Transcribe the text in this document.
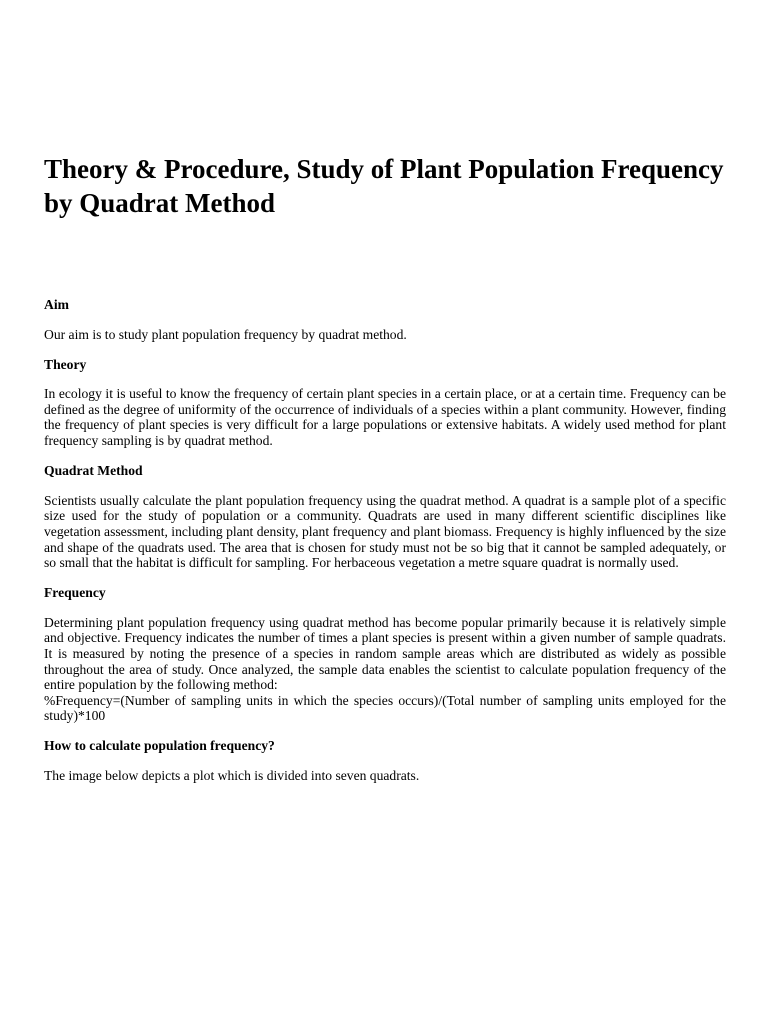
Theory & Procedure, Study of Plant Population Frequency by Quadrat Method

Aim

Our aim is to study plant population frequency by quadrat method.

Theory

In ecology it is useful to know the frequency of certain plant species in a certain place, or at a certain time. Frequency can be defined as the degree of uniformity of the occurrence of individuals of a species within a plant community. However, finding the frequency of plant species is very difficult for a large populations or extensive habitats. A widely used method for plant frequency sampling is by quadrat method.

Quadrat Method

Scientists usually calculate the plant population frequency using the quadrat method. A quadrat is a sample plot of a specific size used for the study of population or a community. Quadrats are used in many different scientific disciplines like vegetation assessment, including plant density, plant frequency and plant biomass. Frequency is highly influenced by the size and shape of the quadrats used. The area that is chosen for study must not be so big that it cannot be sampled adequately, or so small that the habitat is difficult for sampling. For herbaceous vegetation a metre square quadrat is normally used.

Frequency

Determining plant population frequency using quadrat method has become popular primarily because it is relatively simple and objective. Frequency indicates the number of times a plant species is present within a given number of sample quadrats. It is measured by noting the presence of a species in random sample areas which are distributed as widely as possible throughout the area of study. Once analyzed, the sample data enables the scientist to calculate population frequency of the entire population by the following method:
%Frequency=(Number of sampling units in which the species occurs)/(Total number of sampling units employed for the study)*100

How to calculate population frequency?

The image below depicts a plot which is divided into seven quadrats.
